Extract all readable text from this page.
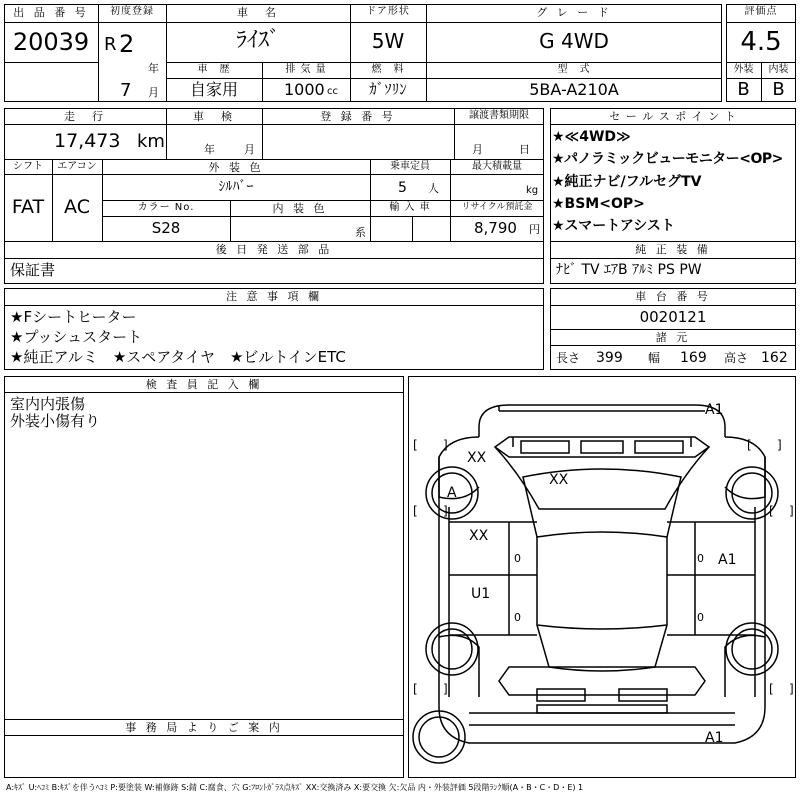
出 品 番 号
20039
初度登録
R 2
年
7 月
車　名
ﾗｲｽﾞ
ドア形状
5W
グ レ ー ド
G 4WD
車　歴
自家用
排 気 量
1000 cc
燃　料
ｶﾞｿﾘﾝ
型　式
5BA-A210A
評価点
4.5
外装
B
内装
B
走　行
17,473 km
車　検
年	月
登 録 番 号	譲渡書類期限
月	日
シフト
FAT
エアコン
AC
外 装 色
ｼﾙﾊﾞｰ
乗車定員
5 人
最大積載量
kg
カラー No.
S28
内 装 色
系
輸 入 車	リサイクル預託金
8,790 円
後 日 発 送 部 品
保証書
セ ー ル ス ポ イ ン ト
★≪4WD≫
★パノラミックビューモニター<OP>
★純正ナビ/フルセグTV
★BSM<OP>
★スマートアシスト
純 正 装 備
ﾅﾋﾞ TV ｴｱB ｱﾙﾐ PS PW
注 意 事 項 欄
★Fシートヒーター
★プッシュスタート
★純正アルミ　★スペアタイヤ　★ビルトインETC
車 台 番 号
0020121
諸 元
長さ 399 幅 169 高さ 162
検 査 員 記 入 欄
室内内張傷
外装小傷有り
事 務 局 よ り ご 案 内
[ ]	[ ]
[ ]	[ ]
[ ]	[ ]
A1
XX
XX
A
XX
0
U1
0
0 A1
0
A1
A:ｷｽﾞ U:ﾍｺﾐ B:ｷｽﾞを伴うﾍｺﾐ P:要塗装 W:補修跡 S:錆 C:腐食、穴 G:ﾌﾛﾝﾄｶﾞﾗｽ点ｷｽﾞ XX:交換済み X:要交換 欠:欠品 内・外装評価 5段階ﾗﾝｸ順(A・B・C・D・E) 1
